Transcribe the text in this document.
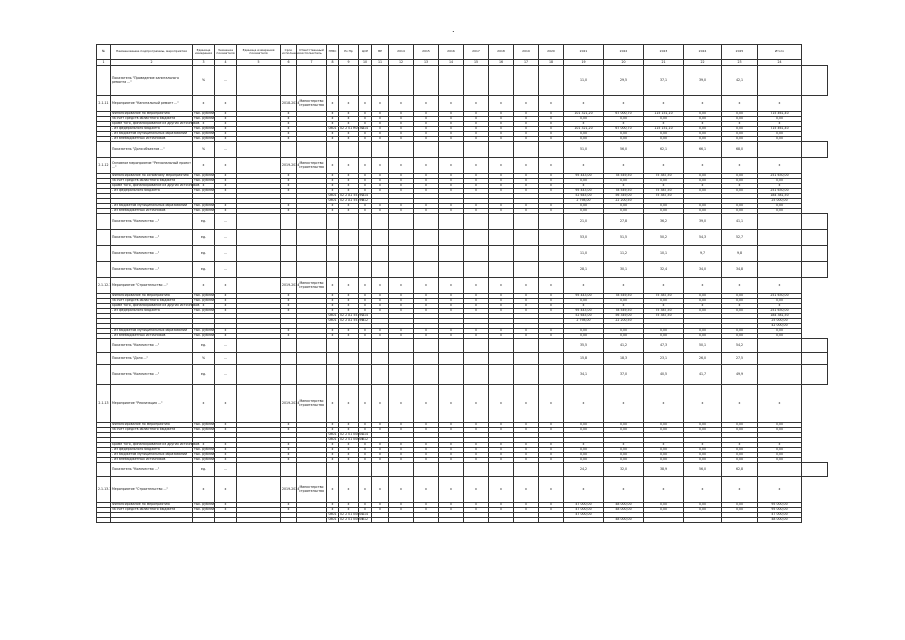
.
№	Наименование подпрограммы, мероприятия	Единица измерения	Значение показателя	Единица измерения показателя	Срок исполнения	Ответственный исполнитель	ГРБС	Рз Пр	ЦСР	ВР	2014	2015	2016	2017	2018	2019	2020	2021	2022	2023	2024	2025	Итого	
1	2	3	4	5	6	7	8	9	10	11	12	13	14	15	16	17	18	19	20	21	22	23	24	
	Показатель "Проведение капитального ремонта ..."	%	...															11,0	29,5	37,1	39,0	42,1		
2.1.11	Мероприятие "Капитальный ремонт ..."	x	x		2018-2024	Министерство строительства	x	x	x	x	x	x	x	x	x	x	x	x	x	x	x	x	x	
	Финансирование по мероприятию	тыс. рублей	x		x		x	x	x	x	0	0	0	0	0	0	0	101 321,20	67 000,70	115 151,10	0,00	0,00	715 461,40	
	за счет средств областного бюджета	тыс. рублей	x		x		x	x	x	x	0	0	0	0	0	0	0	0,00	0,00	0,00	0,00	0,00	0,00	
	кроме того, финансирование из других источников	x	x		x		x	x	x	x	x	x	x	x	x	x	x	x	x	x	x	x	x	
	- из федерального бюджета	тыс. рублей	x		x		0801	02 2 01 R0530	414	0	0	0	0	0	0	0	0	101 321,20	67 000,70	115 151,10	0,00	0,00	715 461,40	
	- из бюджетов муниципальных образований	тыс. рублей	x		x		x	x	x	x	0	0	0	0	0	0	0	0,00	0,00	0,00	0,00	0,00	0,00	
	- из внебюджетных источников	тыс. рублей	x		x		x	x	x	x	0	0	0	0	0	0	0	0,00	0,00	0,00	0,00	0,00	0,00	
	Показатель "Доля объектов ..."	%	...															51,0	56,0	62,1	66,1	68,0		
2.1.12	Основное мероприятие "Региональный проект ..."	x	x		2019-2024	Министерство строительства	x	x	x	x	x	x	x	x	x	x	x	x	x	x	x	x	x	
	Финансирование по основному мероприятию	тыс. рублей	x		x		x	x	x	x	0	0	0	0	0	0	0	95 443,00	78 549,50	75 387,50	0,00	0,00	251 630,00	
	за счет средств областного бюджета	тыс. рублей	x		x		x	x	x	x	0	0	0	0	0	0	0	0,00	0,00	0,00	0,00	0,00	0,00	
	кроме того, финансирование из других источников	x	x		x		x	x	x	x	x	x	x	x	x	x	x	x	x	x	x	x	x	
	- из федерального бюджета	тыс. рублей	x		x		x	x	x	x	0	0	0	0	0	0	0	95 443,00	78 549,50	75 387,50	0,00	0,00	251 630,00	
							0801	02 2 A1 55190	414									52 645,00	56 349,00	75 387,50			184 381,50	
							0801	02 2 A1 55190	612									2 798,00	22 200,50				25 000,00	
	- из бюджетов муниципальных образований	тыс. рублей	x		x		x	x	x	x	0	0	0	0	0	0	0	0,00	0,00	0,00	0,00	0,00	0,00	
	- из внебюджетных источников	тыс. рублей	x		x		x	x	x	x	0	0	0	0	0	0	0	0,00	0,00	0,00	0,00	0,00	0,00	
	Показатель "Количество ..."	ед.	...															21,0	27,8	36,2	39,0	41,1		
	Показатель "Количество ..."	ед.	...															53,0	51,5	50,2	54,3	52,7		
	Показатель "Количество ..."	ед.	...															11,0	11,2	10,1	9,7	9,8		
	Показатель "Количество ..."	ед.	...															28,1	30,1	32,4	34,0	34,8		
2.1.12.1	Мероприятие "Строительство ..."	x	x		2019-2024	Министерство строительства	x	x	x	x	x	x	x	x	x	x	x	x	x	x	x	x	x	
	Финансирование по мероприятию	тыс. рублей	x		x		x	x	x	x	0	0	0	0	0	0	0	95 443,00	78 549,50	75 387,50	0,00	0,00	251 630,00	
	за счет средств областного бюджета	тыс. рублей	x		x		x	x	x	x	0	0	0	0	0	0	0	0,00	0,00	0,00	0,00	0,00	0,00	
	кроме того, финансирование из других источников	x	x		x		x	x	x	x	x	x	x	x	x	x	x	x	x	x	x	x	x	
	- из федерального бюджета	тыс. рублей	x		x		x	x	x	x	0	0	0	0	0	0	0	95 443,00	78 549,50	75 387,50	0,00	0,00	251 630,00	
							0801	02 2 A1 55190	414									52 645,00	56 349,00	75 387,50			184 381,50	
							0801	02 2 A1 55190	612									2 798,00	22 200,50				25 000,00	
																							42 000,00	
	- из бюджетов муниципальных образований	тыс. рублей	x		x		x	x	x	x	0	0	0	0	0	0	0	0,00	0,00	0,00	0,00	0,00	0,00	
	- из внебюджетных источников	тыс. рублей	x		x		x	x	x	x	0	0	0	0	0	0	0	0,00	0,00	0,00	0,00	0,00	0,00	
	Показатель "Количество ..."	ед.	...															35,5	41,2	47,3	50,1	54,2		
	Показатель "Доля ..."	%	...															15,8	18,3	23,1	26,0	27,5		
	Показатель "Количество ..."	ед.	...															34,1	37,0	40,5	41,7	49,9		
2.1.13	Мероприятие "Реализация ..."	x	x		2019-2024	Министерство строительства	x	x	x	x	x	x	x	x	x	x	x	x	x	x	x	x	x	
	Финансирование по мероприятию	тыс. рублей	x		x		x	x	x	x	0	0	0	0	0	0	0	0,00	0,00	0,00	0,00	0,00	0,00	
	за счет средств областного бюджета	тыс. рублей	x		x		x	x	x	x	0	0	0	0	0	0	0	0,00	0,00	0,00	0,00	0,00	0,00	
							0801	02 2 01 00000	414															
							0801	02 2 01 00000	612															
	кроме того, финансирование из других источников	x	x		x		x	x	x	x	x	x	x	x	x	x	x	x	x	x	x	x	x	
	- из федерального бюджета	тыс. рублей	x		x		x	x	x	x	0	0	0	0	0	0	0	0,00	0,00	0,00	0,00	0,00	0,00	
	- из бюджетов муниципальных образований	тыс. рублей	x		x		x	x	x	x	0	0	0	0	0	0	0	0,00	0,00	0,00	0,00	0,00	0,00	
	- из внебюджетных источников	тыс. рублей	x		x		x	x	x	x	0	0	0	0	0	0	0	0,00	0,00	0,00	0,00	0,00	0,00	
	Показатель "Количество ..."	ед.	...															24,2	32,0	38,9	56,0	62,8		
2.1.13.1	Мероприятие "Строительство ..."	x	x		2019-2024	Министерство строительства	x	x	x	x	x	x	x	x	x	x	x	x	x	x	x	x	x	
	Финансирование по мероприятию	тыс. рублей	x		x		x	x	x	x	0	0	0	0	0	0	0	47 000,00	48 000,00	0,00	0,00	0,00	95 000,00	
	за счет средств областного бюджета	тыс. рублей	x		x		x	x	x	x	0	0	0	0	0	0	0	47 000,00	48 000,00	0,00	0,00	0,00	95 000,00	
							0801	02 2 01 00000	414									47 000,00					47 000,00	
							0801	02 2 01 00000	612										48 000,00				48 000,00	
